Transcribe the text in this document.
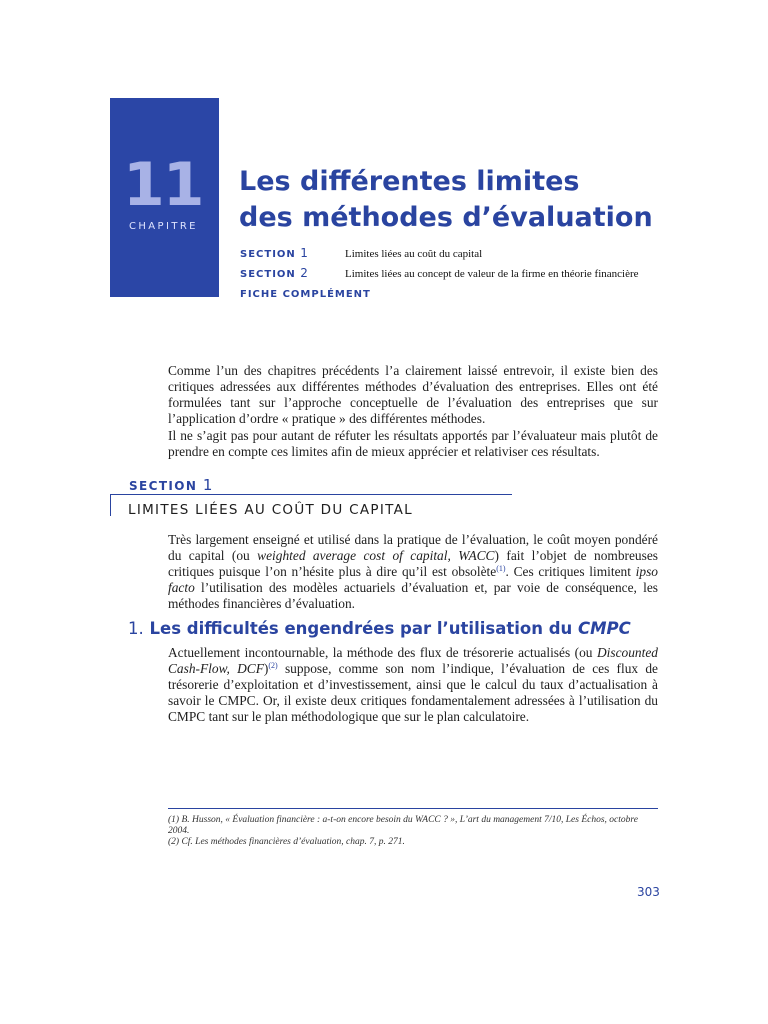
11
CHAPITRE
Les différentes limites
des méthodes d’évaluation
SECTION 1	Limites liées au coût du capital
SECTION 2	Limites liées au concept de valeur de la firme en théorie financière
FICHE COMPLÉMENT
Comme l’un des chapitres précédents l’a clairement laissé entrevoir, il existe bien des critiques adressées aux différentes méthodes d’évaluation des entreprises. Elles ont été formulées tant sur l’approche conceptuelle de l’évaluation des entreprises que sur l’application d’ordre « pratique » des différentes méthodes.
Il ne s’agit pas pour autant de réfuter les résultats apportés par l’évaluateur mais plutôt de prendre en compte ces limites afin de mieux apprécier et relativiser ces résultats.
SECTION 1
LIMITES LIÉES AU COÛT DU CAPITAL
Très largement enseigné et utilisé dans la pratique de l’évaluation, le coût moyen pondéré du capital (ou weighted average cost of capital, WACC) fait l’objet de nombreuses critiques puisque l’on n’hésite plus à dire qu’il est obsolète$^{(1)}$. Ces critiques limitent ipso facto l’utilisation des modèles actuariels d’évaluation et, par voie de conséquence, les méthodes financières d’évaluation.
1. Les difficultés engendrées par l’utilisation du CMPC
Actuellement incontournable, la méthode des flux de trésorerie actualisés (ou Discounted Cash-Flow, DCF)$^{(2)}$ suppose, comme son nom l’indique, l’évaluation de ces flux de trésorerie d’exploitation et d’investissement, ainsi que le calcul du taux d’actualisation à savoir le CMPC. Or, il existe deux critiques fondamentalement adressées à l’utilisation du CMPC tant sur le plan méthodologique que sur le plan calculatoire.
(1) B. Husson, « Évaluation financière : a-t-on encore besoin du WACC ? », L’art du management 7/10, Les Échos, octobre 2004.
(2) Cf. Les méthodes financières d’évaluation, chap. 7, p. 271.
303
